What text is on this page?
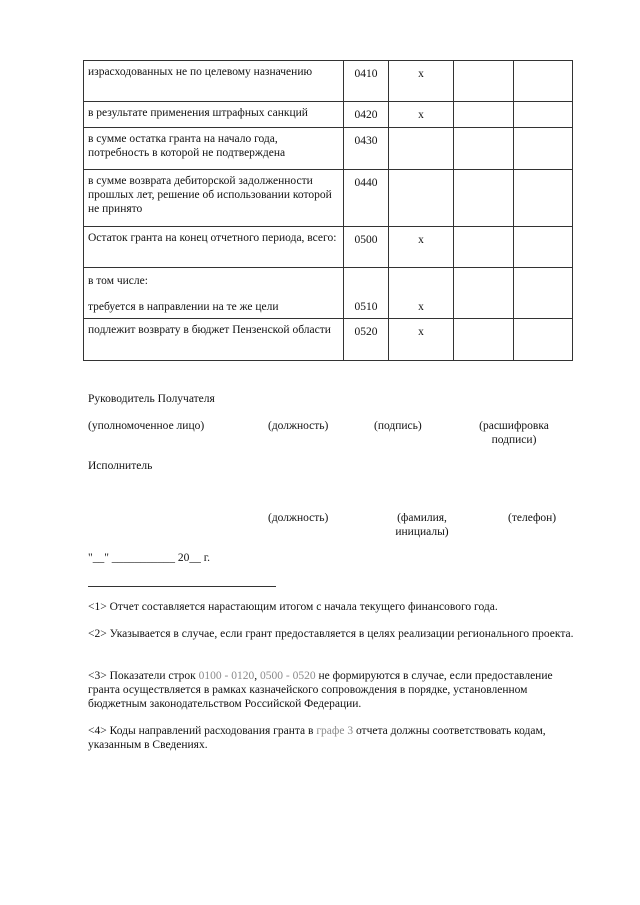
израсходованных не по целевому назначению	0410	x		
в результате применения штрафных санкций	0420	x		
в сумме остатка гранта на начало года, потребность в которой не подтверждена	0430			
в сумме возврата дебиторской задолженности прошлых лет, решение об использовании которой не принято	0440			
Остаток гранта на конец отчетного периода, всего:	0500	x		
в том числе:				
требуется в направлении на те же цели	0510	x		
подлежит возврату в бюджет Пензенской области	0520	x		
Руководитель Получателя
(уполномоченное лицо)	(должность)	(подпись)	(расшифровка подписи)
Исполнитель
(должность)	(фамилия, инициалы)
(телефон)
"__" ___________ 20__ г.
<1> Отчет составляется нарастающим итогом с начала текущего финансового года.
<2> Указывается в случае, если грант предоставляется в целях реализации регионального проекта.
<3> Показатели строк 0100 - 0120, 0500 - 0520 не формируются в случае, если предоставление гранта осуществляется в рамках казначейского сопровождения в порядке, установленном бюджетным законодательством Российской Федерации.
<4> Коды направлений расходования гранта в графе 3 отчета должны соответствовать кодам, указанным в Сведениях.
